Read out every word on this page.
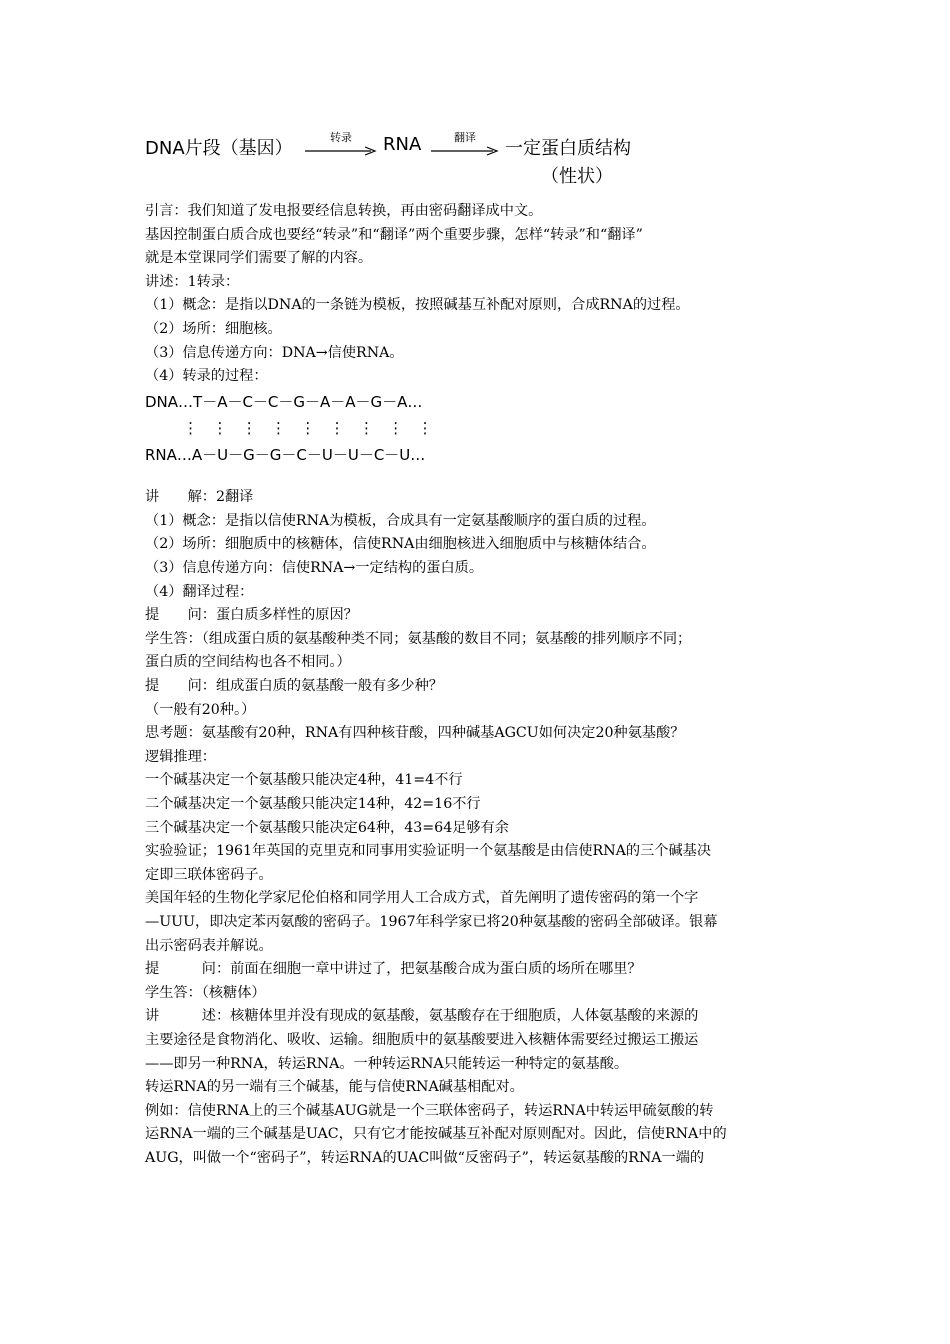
DNA片段（基因）
转录	RNA	翻译
一定蛋白质结构
（性状）
引言：我们知道了发电报要经信息转换，再由密码翻译成中文。
基因控制蛋白质合成也要经“转录”和“翻译”两个重要步骤，怎样“转录”和“翻译”
就是本堂课同学们需要了解的内容。
讲述：1转录：
（1）概念：是指以DNA的一条链为模板，按照碱基互补配对原则，合成RNA的过程。
（2）场所：细胞核。
（3）信息传递方向：DNA→信使RNA。
（4）转录的过程：
DNA…T－A－C－C－G－A－A－G－A…
⋮   ⋮   ⋮   ⋮   ⋮   ⋮   ⋮   ⋮   ⋮
RNA…A－U－G－G－C－U－U－C－U…
讲　　解：2翻译
（1）概念：是指以信使RNA为模板，合成具有一定氨基酸顺序的蛋白质的过程。
（2）场所：细胞质中的核糖体，信使RNA由细胞核进入细胞质中与核糖体结合。
（3）信息传递方向：信使RNA→一定结构的蛋白质。
（4）翻译过程：
提　　问：蛋白质多样性的原因？
学生答：（组成蛋白质的氨基酸种类不同；氨基酸的数目不同；氨基酸的排列顺序不同；
蛋白质的空间结构也各不相同。）
提　　问：组成蛋白质的氨基酸一般有多少种？
（一般有20种。）
思考题：氨基酸有20种，RNA有四种核苷酸，四种碱基AGCU如何决定20种氨基酸？
逻辑推理：
一个碱基决定一个氨基酸只能决定4种，41=4不行
二个碱基决定一个氨基酸只能决定14种，42=16不行
三个碱基决定一个氨基酸只能决定64种，43=64足够有余
实验验证；1961年英国的克里克和同事用实验证明一个氨基酸是由信使RNA的三个碱基决
定即三联体密码子。
美国年轻的生物化学家尼伦伯格和同学用人工合成方式，首先阐明了遗传密码的第一个字
—UUU，即决定苯丙氨酸的密码子。1967年科学家已将20种氨基酸的密码全部破译。银幕
出示密码表并解说。
提　　　问：前面在细胞一章中讲过了，把氨基酸合成为蛋白质的场所在哪里？
学生答：（核糖体）
讲　　　述：核糖体里并没有现成的氨基酸，氨基酸存在于细胞质，人体氨基酸的来源的
主要途径是食物消化、吸收、运输。细胞质中的氨基酸要进入核糖体需要经过搬运工搬运
——即另一种RNA，转运RNA。一种转运RNA只能转运一种特定的氨基酸。
转运RNA的另一端有三个碱基，能与信使RNA碱基相配对。
例如：信使RNA上的三个碱基AUG就是一个三联体密码子，转运RNA中转运甲硫氨酸的转
运RNA一端的三个碱基是UAC，只有它才能按碱基互补配对原则配对。因此，信使RNA中的
AUG，叫做一个“密码子”，转运RNA的UAC叫做“反密码子”，转运氨基酸的RNA一端的
